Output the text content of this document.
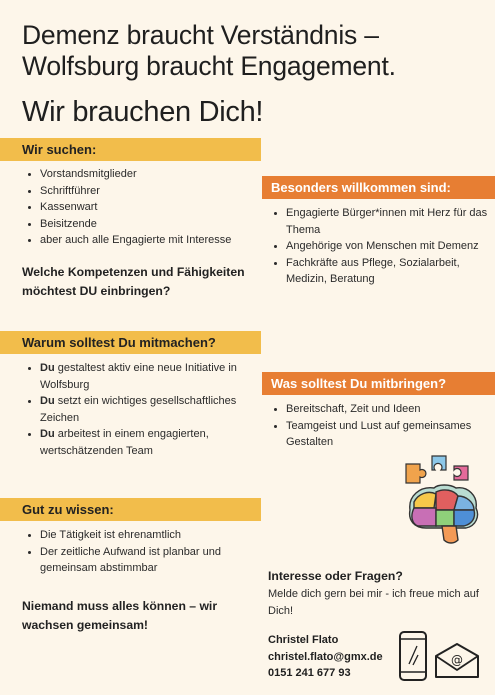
Demenz braucht Verständnis –
Wolfsburg braucht Engagement.
Wir brauchen Dich!
Wir suchen:
• Vorstandsmitglieder
• Schriftführer
• Kassenwart
• Beisitzende
• aber auch alle Engagierte mit Interesse
Welche Kompetenzen und Fähigkeiten möchtest DU einbringen?
Besonders willkommen sind:
• Engagierte Bürger*innen mit Herz für das Thema
• Angehörige von Menschen mit Demenz
• Fachkräfte aus Pflege, Sozialarbeit, Medizin, Beratung
Warum solltest Du mitmachen?
• Du gestaltest aktiv eine neue Initiative in Wolfsburg
• Du setzt ein wichtiges gesellschaftliches Zeichen
• Du arbeitest in einem engagierten, wertschätzenden Team
Was solltest Du mitbringen?
• Bereitschaft, Zeit und Ideen
• Teamgeist und Lust auf gemeinsames Gestalten
Gut zu wissen:
• Die Tätigkeit ist ehrenamtlich
• Der zeitliche Aufwand ist planbar und gemeinsam abstimmbar
Niemand muss alles können – wir wachsen gemeinsam!
Interesse oder Fragen?
Melde dich gern bei mir - ich freue mich auf Dich!
Christel Flato
christel.flato@gmx.de
0151 241 677 93
@
